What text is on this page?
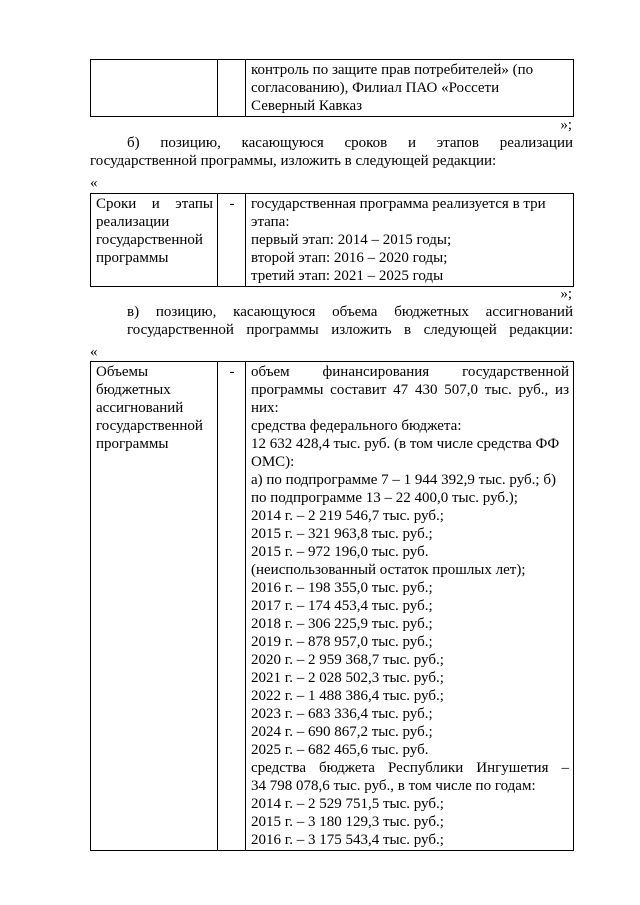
контроль по защите прав потребителей» (по
согласованию), Филиал ПАО «Россети
Северный Кавказ
»;
б) позицию, касающуюся сроков и этапов реализации государственной программы, изложить в следующей редакции:
«
Сроки и этапы
реализации
государственной
программы
	-	государственная программа реализуется в три
этапа:
первый этап: 2014 – 2015 годы;
второй этап: 2016 – 2020 годы;
третий этап: 2021 – 2025 годы
»;
в) позицию, касающуюся объема бюджетных ассигнований государственной программы изложить в следующей редакции:
«
Объемы
бюджетных
ассигнований
государственной
программы
	-	объем финансирования государственной
программы составит 47 430 507,0 тыс. руб., из
них:
средства федерального бюджета:
12 632 428,4 тыс. руб. (в том числе средства ФФ
ОМС):
а) по подпрограмме 7 – 1 944 392,9 тыс. руб.; б)
по подпрограмме 13 – 22 400,0 тыс. руб.);
2014 г. – 2 219 546,7 тыс. руб.;
2015 г. – 321 963,8 тыс. руб.;
2015 г. – 972 196,0 тыс. руб.
(неиспользованный остаток прошлых лет);
2016 г. – 198 355,0 тыс. руб.;
2017 г. – 174 453,4 тыс. руб.;
2018 г. – 306 225,9 тыс. руб.;
2019 г. – 878 957,0 тыс. руб.;
2020 г. – 2 959 368,7 тыс. руб.;
2021 г. – 2 028 502,3 тыс. руб.;
2022 г. – 1 488 386,4 тыс. руб.;
2023 г. – 683 336,4 тыс. руб.;
2024 г. – 690 867,2 тыс. руб.;
2025 г. – 682 465,6 тыс. руб.
средства бюджета Республики Ингушетия –
34 798 078,6 тыс. руб., в том числе по годам:
2014 г. – 2 529 751,5 тыс. руб.;
2015 г. – 3 180 129,3 тыс. руб.;
2016 г. – 3 175 543,4 тыс. руб.;
